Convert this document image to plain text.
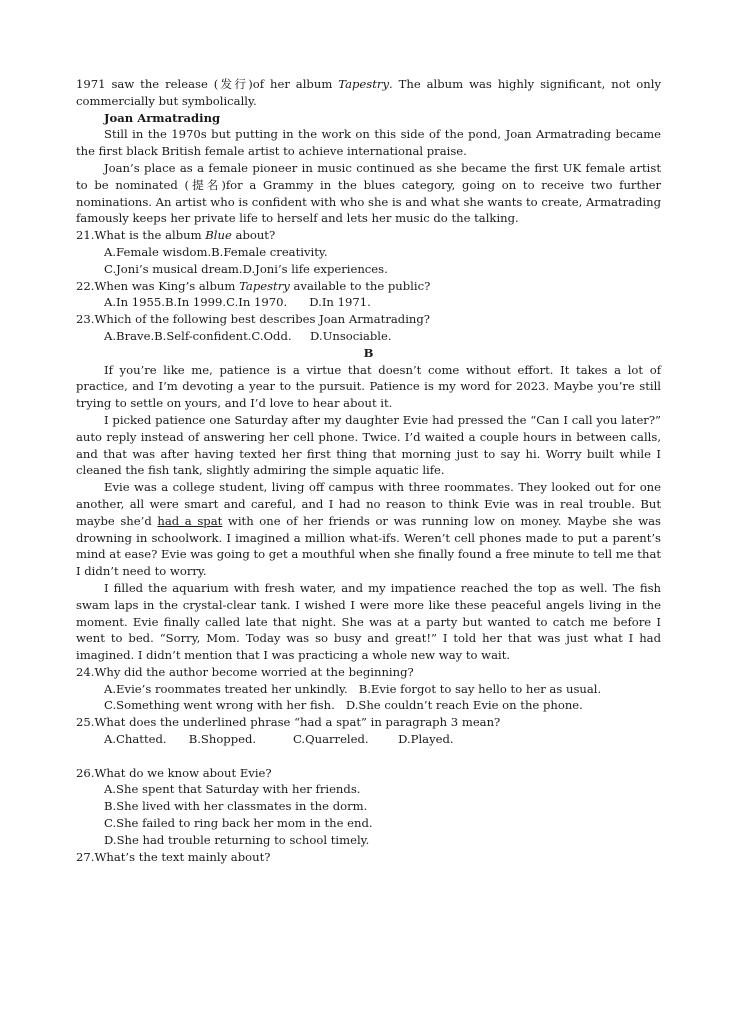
1971 saw the release (发行)of her album Tapestry. The album was highly significant, not only commercially but symbolically.

Joan Armatrading

Still in the 1970s but putting in the work on this side of the pond, Joan Armatrading became the first black British female artist to achieve international praise.

Joan’s place as a female pioneer in music continued as she became the first UK female artist to be nominated (提名)for a Grammy in the blues category, going on to receive two further nominations. An artist who is confident with who she is and what she wants to create, Armatrading famously keeps her private life to herself and lets her music do the talking.

21.What is the album Blue about?

A.Female wisdom.B.Female creativity.

C.Joni’s musical dream.D.Joni’s life experiences.

22.When was King’s album Tapestry available to the public?

A.In 1955.B.In 1999.C.In 1970.      D.In 1971.

23.Which of the following best describes Joan Armatrading?

A.Brave.B.Self-confident.C.Odd.     D.Unsociable.

B

If you’re like me, patience is a virtue that doesn’t come without effort. It takes a lot of practice, and I’m devoting a year to the pursuit. Patience is my word for 2023. Maybe you’re still trying to settle on yours, and I’d love to hear about it.

I picked patience one Saturday after my daughter Evie had pressed the “Can I call you later?” auto reply instead of answering her cell phone. Twice. I’d waited a couple hours in between calls, and that was after having texted her first thing that morning just to say hi. Worry built while I cleaned the fish tank, slightly admiring the simple aquatic life.

Evie was a college student, living off campus with three roommates. They looked out for one another, all were smart and careful, and I had no reason to think Evie was in real trouble. But maybe she’d had a spat with one of her friends or was running low on money. Maybe she was drowning in schoolwork. I imagined a million what-ifs. Weren’t cell phones made to put a parent’s mind at ease? Evie was going to get a mouthful when she finally found a free minute to tell me that I didn’t need to worry.

I filled the aquarium with fresh water, and my impatience reached the top as well. The fish swam laps in the crystal-clear tank. I wished I were more like these peaceful angels living in the moment. Evie finally called late that night. She was at a party but wanted to catch me before I went to bed. “Sorry, Mom. Today was so busy and great!” I told her that was just what I had imagined. I didn’t mention that I was practicing a whole new way to wait.

24.Why did the author become worried at the beginning?

A.Evie’s roommates treated her unkindly.   B.Evie forgot to say hello to her as usual.

C.Something went wrong with her fish.   D.She couldn’t reach Evie on the phone.

25.What does the underlined phrase “had a spat” in paragraph 3 mean?

A.Chatted.      B.Shopped.          C.Quarreled.        D.Played.

26.What do we know about Evie?

A.She spent that Saturday with her friends.

B.She lived with her classmates in the dorm.

C.She failed to ring back her mom in the end.

D.She had trouble returning to school timely.

27.What’s the text mainly about?
